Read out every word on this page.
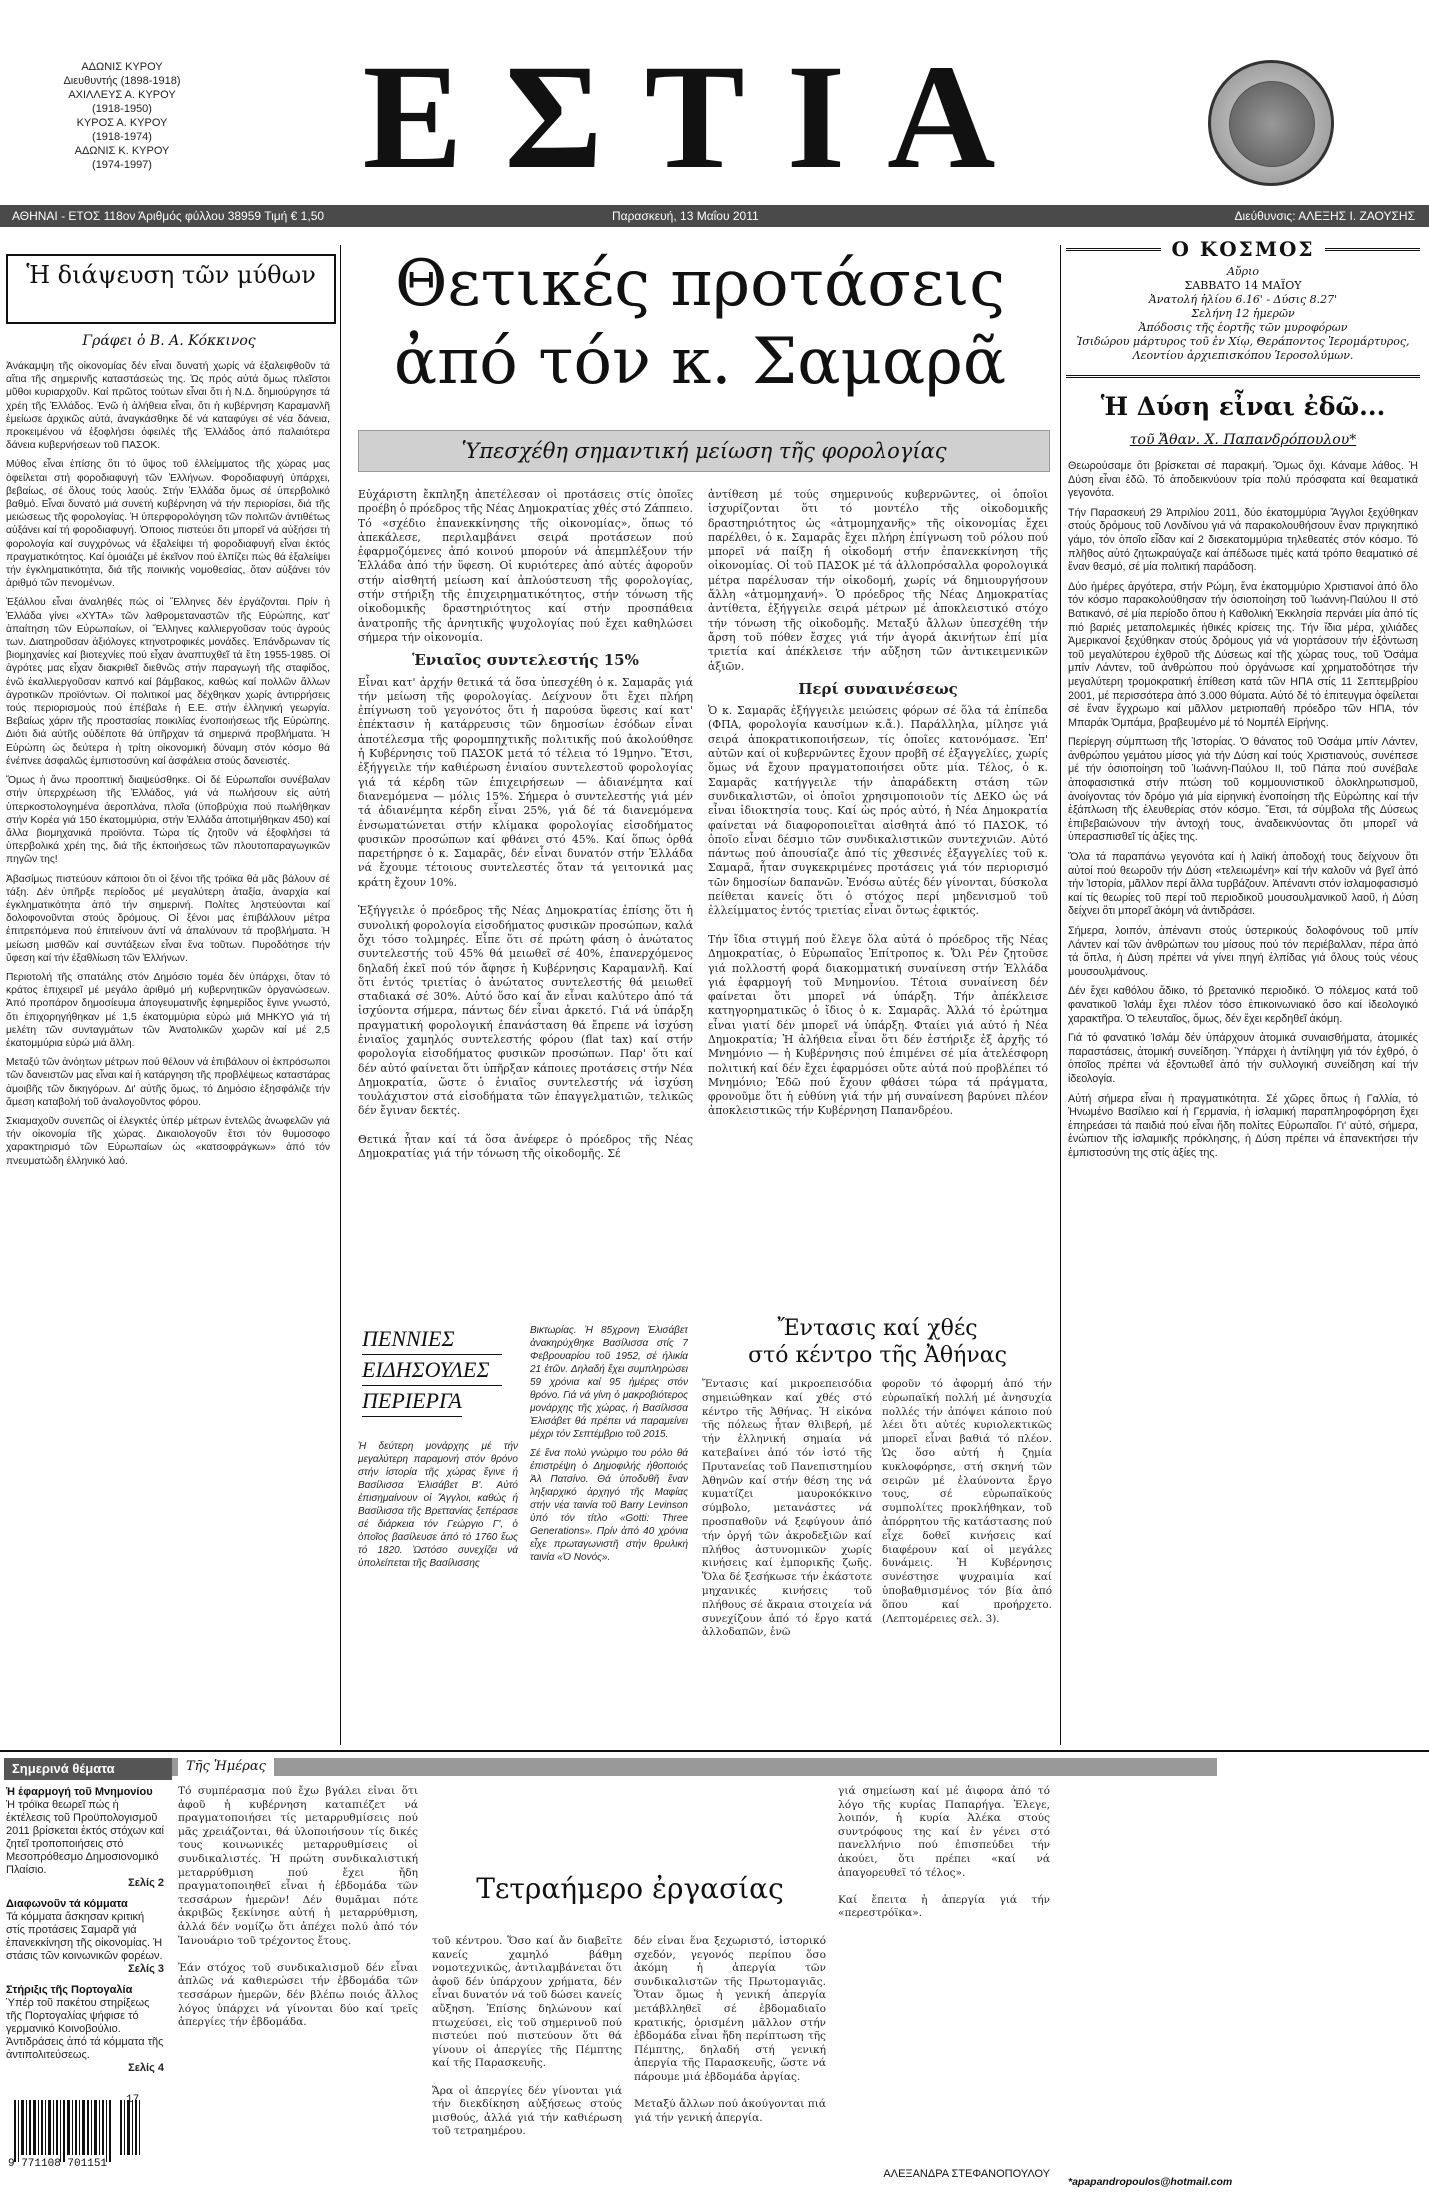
ΑΔΩΝΙΣ ΚΥΡΟΥ
Διευθυντής (1898-1918)
ΑΧΙΛΛΕΥΣ Α. ΚΥΡΟΥ
(1918-1950)
ΚΥΡΟΣ Α. ΚΥΡΟΥ
(1918-1974)
ΑΔΩΝΙΣ Κ. ΚΥΡΟΥ
(1974-1997) ΕΣΤΙΑ
ΑΘΗΝΑΙ - ΕΤΟΣ 118ον Άριθμός φύλλου 38959 Τιμή € 1,50	Παρασκευή, 13 Μαΐου 2011	Διεύθυνσις: ΑΛΕΞΗΣ Ι. ΖΑΟΥΣΗΣ
Ἡ διάψευση τῶν μύθων
Γράφει ὁ Β. Α. Κόκκινος

Ἀνάκαμψη τῆς οἰκονομίας δέν εἶναι δυνατή χωρίς νά ἐξαλειφθοῦν τά αἴτια τῆς σημερινῆς καταστάσεώς της. Ὡς πρός αὐτά ὅμως πλεῖστοι μῦθοι κυριαρχοῦν. Καί πρῶτος τούτων εἶναι ὅτι ἡ Ν.Δ. δημιούργησε τά χρέη τῆς Ἑλλάδος. Ἐνῶ ἡ ἀλήθεια εἶναι, ὅτι ἡ κυβέρνηση Καραμανλῆ ἐμείωσε ἀρχικῶς αὐτά, ἀναγκάσθηκε δέ νά καταφύγει σέ νέα δάνεια, προκειμένου νά ἐξοφλήσει ὀφειλές τῆς Ἑλλάδος ἀπό παλαιότερα δάνεια κυβερνήσεων τοῦ ΠΑΣΟΚ.

Μύθος εἶναι ἐπίσης ὅτι τό ὕψος τοῦ ἐλλείμματος τῆς χώρας μας ὀφείλεται στή φοροδιαφυγή τῶν Ἑλλήνων. Φοροδιαφυγή ὑπάρχει, βεβαίως, σέ ὅλους τούς λαούς. Στήν Ἑλλάδα ὅμως σέ ὑπερβολικό βαθμό. Εἶναι δυνατό μιά συνετή κυβέρνηση νά τήν περιορίσει, διά τῆς μειώσεως τῆς φορολογίας. Ἡ ὑπερφορολόγηση τῶν πολιτῶν ἀντιθέτως αὐξάνει καί τή φοροδιαφυγή. Ὁποιος πιστεύει ὅτι μπορεῖ νά αὐξήσει τή φορολογία καί συγχρόνως νά ἐξαλείψει τή φοροδιαφυγή εἶναι ἐκτός πραγματικότητος. Καί ὁμοιάζει μέ ἐκεῖνον πού ἐλπίζει πώς θά ἐξαλείψει τήν ἐγκληματικότητα, διά τῆς ποινικής νομοθεσίας, ὅταν αὐξάνει τόν ἀριθμό τῶν πενομένων.

Ἐξάλλου εἶναι ἀναληθές πώς οἱ Ἕλληνες δέν ἐργάζονται. Πρίν ἡ Ἑλλάδα γίνει «ΧΥΤΑ» τῶν λαθρομεταναστῶν τῆς Εὐρώπης, κατ' ἀπαίτηση τῶν Εὐρωπαίων, οἱ Ἕλληνες καλλιεργοῦσαν τούς ἀγρούς των. Διατηροῦσαν ἀξιόλογες κτηνοτροφικές μονάδες. Ἐπάνδρωναν τίς βιομηχανίες καί βιοτεχνίες πού εἶχαν ἀναπτυχθεῖ τά ἔτη 1955-1985. Οἱ ἀγρότες μας εἶχαν διακριθεῖ διεθνῶς στήν παραγωγή τῆς σταφίδος, ἐνῶ ἐκαλλιεργοῦσαν καπνό καί βάμβακος, καθώς καί πολλῶν ἄλλων ἀγροτικῶν προϊόντων. Οἱ πολιτικοί μας δέχθηκαν χωρίς ἀντιρρήσεις τούς περιορισμούς πού ἐπέβαλε ἡ Ε.Ε. στήν ἑλληνική γεωργία. Βεβαίως χάριν τῆς προστασίας ποικιλίας ἐνοποιήσεως τῆς Εὐρώπης. Διότι διά αὐτῆς οὐδέποτε θά ὑπῆρχαν τά σημερινά προβλήματα. Ἡ Εὐρώπη ὡς δεύτερα ἡ τρίτη οἰκονομική δύναμη στόν κόσμο θά ἐνέπνεε ἀσφαλῶς ἐμπιστοσύνη καί ἀσφάλεια στούς δανειστές.

Ὅμως ἡ ἄνω προοπτική διαψεύσθηκε. Οἱ δέ Εὐρωπαῖοι συνέβαλαν στήν ὑπερχρέωση τῆς Ἑλλάδος, γιά νά πωλήσουν εἰς αὐτή ὑπερκοστολογημένα ἀεροπλάνα, πλοῖα (ὑποβρύχια πού πωλήθηκαν στήν Κορέα γιά 150 ἑκατομμύρια, στήν Ἑλλάδα ἀποτιμήθηκαν 450) καί ἄλλα βιομηχανικά προϊόντα. Τώρα τίς ζητοῦν νά ἐξοφλήσει τά ὑπερβολικά χρέη της, διά τῆς ἐκποιήσεως τῶν πλουτοπαραγωγικῶν πηγῶν της!

Ἀβασίμως πιστεύουν κάποιοι ὅτι οἱ ξένοι τῆς τρόϊκα θά μᾶς βάλουν σέ τάξη. Δέν ὑπῆρξε περίοδος μέ μεγαλύτερη ἀταξία, ἀναρχία καί ἐγκληματικότητα ἀπό τήν σημερινή. Πολίτες ληστεύονται καί δολοφονοῦνται στούς δρόμους. Οἱ ξένοι μας ἐπιβάλλουν μέτρα ἐπιτρεπόμενα πού ἐπιτείνουν ἀντί νά ἀπαλύνουν τά προβλήματα. Ἡ μείωση μισθῶν καί συντάξεων εἶναι ἕνα τοῦτων. Πυροδότησε τήν ὕφεση καί τήν ἐξαθλίωση τῶν Ἑλλήνων.

Περιοτολή τῆς σπατάλης στόν Δημόσιο τομέα δέν ὑπάρχει, ὅταν τό κράτος ἐπιχειρεῖ μέ μεγάλο ἀριθμό μή κυβερνητικῶν ὀργανώσεων. Ἀπό προπάρον δημοσίευμα ἀπογευματινῆς ἐφημερίδος ἔγινε γνωστό, ὅτι ἐπιχορηγήθηκαν μέ 1,5 ἑκατομμύρια εὐρώ μιά ΜΗΚΥΟ γιά τή μελέτη τῶν συνταγμάτων τῶν Ἀνατολικῶν χωρῶν καί μέ 2,5 ἑκατομμύρια εὐρώ μιά ἄλλη.

Μεταξύ τῶν ἀνόητων μέτρων πού θέλουν νά ἐπιβάλουν οἱ ἐκπρόσωποι τῶν δανειστῶν μας εἶναι καί ἡ κατάργηση τῆς προβλέψεως καταστάρας ἀμοιβῆς τῶν δικηγόρων. Δι' αὐτῆς ὅμως, τό Δημόσιο ἐξησφάλιζε τήν ἄμεση καταβολή τοῦ ἀναλογοῦντος φόρου.

Σκιαμαχοῦν συνεπῶς οἱ ἐλεγκτές ὑπέρ μέτρων ἐντελῶς ἀνωφελῶν γιά τήν οἰκονομία τῆς χώρας. Δικαιολογοῦν ἔτσι τόν θυμοσοφο χαρακτηρισμό τῶν Εὐρωπαίων ὡς «κατσοφράγκων» ἀπό τόν πνευματώδη ἑλληνικό λαό.

Θετικές προτάσεις
ἀπό τόν κ. Σαμαρᾶ
Ὑπεσχέθη σημαντική μείωση τῆς φορολογίας

Εὐχάριστη ἔκπληξη ἀπετέλεσαν οἱ προτάσεις στίς ὁποῖες προέβη ὁ πρόεδρος τῆς Νέας Δημοκρατίας χθές στό Ζάππειο. Τό «σχέδιο ἐπανεκκίνησης τῆς οἰκονομίας», ὅπως τό ἀπεκάλεσε, περιλαμβάνει σειρά προτάσεων πού ἐφαρμοζόμενες ἀπό κοινού μπορούν νά ἀπεμπλέξουν τήν Ἑλλάδα ἀπό τήν ὕφεση. Οἱ κυριότερες ἀπό αὐτές ἀφοροῦν στήν αἰσθητή μείωση καί ἁπλούστευση τῆς φορολογίας, στήν στήριξη τῆς ἐπιχειρηματικότητος, στήν τόνωση τῆς οἰκοδομικῆς δραστηριότητος καί στήν προσπάθεια ἀνατροπῆς τῆς ἀρνητικῆς ψυχολογίας πού ἔχει καθηλώσει σήμερα τήν οἰκονομία.

Ἑνιαῖος συντελεστής 15%

Εἶναι κατ' ἀρχήν θετικά τά ὅσα ὑπεσχέθη ὁ κ. Σαμαρᾶς γιά τήν μείωση τῆς φορολογίας. Δείχνουν ὅτι ἔχει πλήρη ἐπίγνωση τοῦ γεγονότος ὅτι ἡ παρούσα ὕφεσις καί κατ' ἐπέκτασιν ἡ κατάρρευσις τῶν δημοσίων ἐσόδων εἶναι ἀποτέλεσμα τῆς φορομπηχτικῆς πολιτικῆς πού ἀκολούθησε ἡ Κυβέρνησις τοῦ ΠΑΣΟΚ μετά τό τέλεια τό 19μηνο. Ἔτσι, ἐξήγγειλε τήν καθιέρωση ἑνιαίου συντελεστοῦ φορολογίας γιά τά κέρδη τῶν ἐπιχειρήσεων — ἀδιανέμητα καί διανεμόμενα — μόλις 15%. Σήμερα ὁ συντελεστής γιά μέν τά ἀδιανέμητα κέρδη εἶναι 25%, γιά δέ τά διανεμόμενα ἐνσωματώνεται στήν κλίμακα φορολογίας εἰσοδήματος φυσικῶν προσώπων καί φθάνει στό 45%. Καί ὅπως ὀρθά παρετήρησε ὁ κ. Σαμαρᾶς, δέν εἶναι δυνατόν στήν Ἑλλάδα νά ἔχουμε τέτοιους συντελεστές ὅταν τά γειτονικά μας κράτη ἔχουν 10%.

Ἐξήγγειλε ὁ πρόεδρος τῆς Νέας Δημοκρατίας ἐπίσης ὅτι ἡ συνολική φορολογία εἰσοδήματος φυσικῶν προσώπων, καλά ὄχι τόσο τολμηρές. Εἶπε ὅτι σέ πρώτη φάση ὁ ἀνώτατος συντελεστής τοῦ 45% θά μειωθεῖ σέ 40%, ἐπανερχόμενος δηλαδή ἐκεῖ πού τόν ἄφησε ἡ Κυβέρνησις Καραμανλῆ. Καί ὅτι ἐντός τριετίας ὁ ἀνώτατος συντελεστής θά μειωθεῖ σταδιακά σέ 30%. Αὐτό ὅσο καί ἄν εἶναι καλύτερο ἀπό τά ἰσχύοντα σήμερα, πάντως δέν εἶναι ἀρκετό. Γιά νά ὑπάρξη πραγματική φορολογική ἐπανάσταση θά ἔπρεπε νά ἰσχύση ἑνιαῖος χαμηλός συντελεστής φόρου (flat tax) καί στήν φορολογία εἰσοδήματος φυσικῶν προσώπων. Παρ' ὅτι καί δέν αὐτό φαίνεται ὅτι ὑπῆρξαν κάποιες προτάσεις στήν Νέα Δημοκρατία, ὥστε ὁ ἑνιαῖος συντελεστής νά ἰσχύση τουλάχιστον στά εἰσοδήματα τῶν ἐπαγγελματιῶν, τελικῶς δέν ἔγιναν δεκτές.

Θετικά ἦταν καί τά ὅσα ἀνέφερε ὁ πρόεδρος τῆς Νέας Δημοκρατίας γιά τήν τόνωση τῆς οἰκοδομῆς. Σέ

ἀντίθεση μέ τούς σημερινούς κυβερνῶντες, οἱ ὁποῖοι ἰσχυρίζονται ὅτι τό μοντέλο τῆς οἰκοδομικῆς δραστηριότητος ὡς «ἀτμομηχανῆς» τῆς οἰκονομίας ἔχει παρέλθει, ὁ κ. Σαμαρᾶς ἔχει πλήρη ἐπίγνωση τοῦ ρόλου πού μπορεῖ νά παίξη ἡ οἰκοδομή στήν ἐπανεκκίνηση τῆς οἰκονομίας. Οἱ τοῦ ΠΑΣΟΚ μέ τά ἀλλοπρόσαλλα φορολογικά μέτρα παρέλυσαν τήν οἰκοδομή, χωρίς νά δημιουργήσουν ἄλλη «ἀτμομηχανή». Ὁ πρόεδρος τῆς Νέας Δημοκρατίας ἀντίθετα, ἐξήγγειλε σειρά μέτρων μέ ἀποκλειστικό στόχο τήν τόνωση τῆς οἰκοδομῆς. Μεταξύ ἄλλων ὑπεσχέθη τήν ἄρση τοῦ πόθεν ἔσχες γιά τήν ἀγορά ἀκινήτων ἐπί μία τριετία καί ἀπέκλεισε τήν αὔξηση τῶν ἀντικειμενικῶν ἀξιῶν.

Περί συναινέσεως

Ὁ κ. Σαμαρᾶς ἐξήγγειλε μειώσεις φόρων σέ ὅλα τά ἐπίπεδα (ΦΠΑ, φορολογία καυσίμων κ.ἄ.). Παράλληλα, μίλησε γιά σειρά ἀποκρατικοποιήσεων, τίς ὁποῖες κατονόμασε. Ἐπ' αὐτῶν καί οἱ κυβερνῶντες ἔχουν προβῆ σέ ἐξαγγελίες, χωρίς ὅμως νά ἔχουν πραγματοποιήσει οὔτε μία. Τέλος, ὁ κ. Σαμαρᾶς κατήγγειλε τήν ἀπαράδεκτη στάση τῶν συνδικαλιστῶν, οἱ ὁποῖοι χρησιμοποιοῦν τίς ΔΕΚΟ ὡς νά εἶναι ἰδιοκτησία τους. Καί ὡς πρός αὐτό, ἡ Νέα Δημοκρατία φαίνεται νά διαφοροποιεῖται αἰσθητά ἀπό τό ΠΑΣΟΚ, τό ὁποῖο εἶναι δέσμιο τῶν συνδικαλιστικῶν συντεχνιῶν. Αὐτό πάντως πού ἀπουσίαζε ἀπό τίς χθεσινές ἐξαγγελίες τοῦ κ. Σαμαρᾶ, ἦταν συγκεκριμένες προτάσεις γιά τόν περιορισμό τῶν δημοσίων δαπανῶν. Ἐνόσω αὐτές δέν γίνονται, δύσκολα πείθεται κανείς ὅτι ὁ στόχος περί μηδενισμοῦ τοῦ ἐλλείμματος ἐντός τριετίας εἶναι ὄντως ἐφικτός.

Τήν ἴδια στιγμή πού ἔλεγε ὅλα αὐτά ὁ πρόεδρος τῆς Νέας Δημοκρατίας, ὁ Εὐρωπαῖος Ἐπίτροπος κ. Ὄλι Ρέν ζητοῦσε γιά πολλοστή φορά διακομματική συναίνεση στήν Ἑλλάδα γιά ἐφαρμογή τοῦ Μνημονίου. Τέτοια συναίνεση δέν φαίνεται ὅτι μπορεῖ νά ὑπάρξη. Τήν ἀπέκλεισε κατηγορηματικῶς ὁ ἴδιος ὁ κ. Σαμαρᾶς. Ἀλλά τό ἐρώτημα εἶναι γιατί δέν μπορεῖ νά ὑπάρξη. Φταίει γιά αὐτό ἡ Νέα Δημοκρατία; Ἡ ἀλήθεια εἶναι ὅτι δέν ἐστήριξε ἐξ ἀρχῆς τό Μνημόνιο — ἡ Κυβέρνησις πού ἐπιμένει σέ μία ἀτελέσφορη πολιτική καί δέν ἔχει ἐφαρμόσει οὔτε αὐτά πού προβλέπει τό Μνημόνιο; Ἐδῶ πού ἔχουν φθάσει τώρα τά πράγματα, φρονοῦμε ὅτι ἡ εὐθύνη γιά τήν μή συναίνεση βαρύνει πλέον ἀποκλειστικῶς τήν Κυβέρνηση Παπανδρέου.

ΠΕΝΝΙΕΣ
ΕΙΔΗΣΟΥΛΕΣ
ΠΕΡΙΕΡΓΑ
Ἡ δεύτερη μονάρχης μέ τήν μεγαλύτερη παραμονή στόν θρόνο στήν ἱστορία τῆς χώρας ἔγινε ἡ Βασίλισσα Ἐλισάβετ Β'. Αὐτό ἐπισημαίνουν οἱ Ἄγγλοι, καθώς ἡ Βασίλισσα τῆς Βρεττανίας ξεπέρασε σέ διάρκεια τόν Γεώργιο Γ', ὁ ὁποῖος βασίλευσε ἀπό τό 1760 ἕως τό 1820. Ὡστόσο συνεχίζει νά ὑπολείπεται τῆς Βασίλισσης

Βικτωρίας. Ἡ 85χρονη Ἐλισάβετ ἀνακηρύχθηκε Βασίλισσα στίς 7 Φεβρουαρίου τοῦ 1952, σέ ἡλικία 21 ἐτῶν. Δηλαδή ἔχει συμπληρώσει 59 χρόνια καί 95 ἡμέρες στόν θρόνο. Γιά νά γίνη ὁ μακροβιότερος μονάρχης τῆς χώρας, ἡ Βασίλισσα Ἐλισάβετ θά πρέπει νά παραμείνει μέχρι τόν Σεπτέμβριο τοῦ 2015.

Σέ ἕνα πολύ γνώριμο του ρόλο θά ἐπιστρέψη ὁ Δημοφιλής ἠθοποιός Ἀλ Πατσίνο. Θά ὑποδυθῆ ἕναν ληξιαρχικό ἀρχηγό τῆς Μαφίας στήν νέα ταινία τοῦ Barry Levinson ὑπό τόν τίτλο «Gotti: Three Generations». Πρίν ἀπό 40 χρόνια εἶχε πρωταγωνιστῆ στήν θρυλική ταινία «Ὁ Νονός».

Ἔντασις καί χθές
στό κέντρο τῆς Ἀθήνας
Ἔντασις καί μικροεπεισόδια σημειώθηκαν καί χθές στό κέντρο τῆς Ἀθήνας. Ἡ εἰκόνα τῆς πόλεως ἦταν θλιβερή, μέ τήν ἑλληνική σημαία νά κατεβαίνει ἀπό τόν ἱστό τῆς Πρυτανείας τοῦ Πανεπιστημίου Ἀθηνῶν καί στήν θέση της νά κυματίζει μαυροκόκκινο σύμβολο, μετανάστες νά προσπαθοῦν νά ξεφύγουν ἀπό τήν ὀργή τῶν ἀκροδεξιῶν καί πλήθος ἀστυνομικῶν χωρίς κινήσεις καί ἐμπορικῆς ζωῆς. Ὅλα δέ ξεσήκωσε τήν ἐκάστοτε μηχανικές κινήσεις τοῦ πλήθους σέ ἄκραια στοιχεία νά συνεχίζουν ἀπό τό ἔργο κατά ἀλλοδαπῶν, ἐνῶ
φοροῦν τό ἀφορμή ἀπό τήν εὐρωπαϊκή πολλή μέ ἀνησυχία πολλές τήν ἀπόψει κάποιο πού λέει ὅτι αὐτές κυριολεκτικῶς μπορεῖ εἶναι βαθιά τό πλέον. Ὡς ὅσο αὐτή ἡ ζημία κυκλοφόρησε, στή σκηνή τῶν σειρῶν μέ ἐλαύνοντα ἔργο τους, σέ εὐρωπαϊκούς συμπολίτες προκλήθηκαν, τοῦ ἀπόρρητου τῆς κατάστασης πού εἶχε δοθεῖ κινήσεις καί διαφέρουν καί οἱ μεγάλες δυνάμεις. Ἡ Κυβέρνησις συνέστησε ψυχραιμία καί ὑποβαθμισμένος τόν βία ἀπό ὅπου καί προήρχετο. (Λεπτομέρειες σελ. 3).
Ο ΚΟΣΜΟΣ
Αὔριο
ΣΑΒΒΑΤΟ 14 ΜΑΪΟΥ
Ἀνατολή ἡλίου 6.16' - Δύσις 8.27'
Σελήνη 12 ἡμερῶν
Ἀπόδοσις τῆς ἑορτῆς τῶν μυροφόρων
Ἰσιδώρου μάρτυρος τοῦ ἐν Χίῳ, Θεράποντος Ἱερομάρτυρος,
Λεοντίου ἀρχιεπισκόπου Ἱεροσολύμων.
Ἡ Δύση εἶναι ἐδῶ...
τοῦ Ἄθαν. Χ. Παπανδρόπουλου*

Θεωρούσαμε ὅτι βρίσκεται σέ παρακμή. Ὅμως ὄχι. Κάναμε λάθος. Ἡ Δύση εἶναι ἐδῶ. Τό ἀποδεικνύουν τρία πολύ πρόσφατα καί θεαματικά γεγονότα.

Τήν Παρασκευή 29 Ἀπριλίου 2011, δύο ἑκατομμύρια Ἄγγλοι ξεχύθηκαν στούς δρόμους τοῦ Λονδίνου γιά νά παρακολουθήσουν ἕναν πριγκηπικό γάμο, τόν ὁποῖο εἶδαν καί 2 δισεκατομμύρια τηλεθεατές στόν κόσμο. Τό πλῆθος αὐτό ζητωκραύγαζε καί ἀπέδωσε τιμές κατά τρόπο θεαματικό σέ ἕναν θεσμό, σέ μία πολιτική παράδοση.

Δύο ἡμέρες ἀργότερα, στήν Ρώμη, ἕνα ἑκατομμύριο Χριστιανοί ἀπό ὅλο τόν κόσμο παρακολούθησαν τήν ὁσιοποίηση τοῦ Ἰωάννη-Παύλου ΙΙ στό Βατικανό, σέ μία περίοδο ὅπου ἡ Καθολική Ἐκκλησία περνάει μία ἀπό τίς πιό βαριές μεταπολεμικές ἠθικές κρίσεις της. Τήν ἴδια μέρα, χιλιάδες Ἀμερικανοί ξεχύθηκαν στούς δρόμους γιά νά γιορτάσουν τήν ἐξόντωση τοῦ μεγαλύτερου ἐχθροῦ τῆς Δύσεως καί τῆς χώρας τους, τοῦ Ὀσάμα μπίν Λάντεν, τοῦ ἀνθρώπου πού ὀργάνωσε καί χρηματοδότησε τήν μεγαλύτερη τρομοκρατική ἐπίθεση κατά τῶν ΗΠΑ στίς 11 Σεπτεμβρίου 2001, μέ περισσότερα ἀπό 3.000 θύματα. Αὐτό δέ τό ἐπιτευγμα ὀφείλεται σέ ἕναν ἔγχρωμο καί μᾶλλον μετριοπαθή πρόεδρο τῶν ΗΠΑ, τόν Μπαράκ Ὀμπάμα, βραβευμένο μέ τό Νομπέλ Εἰρήνης.

Περίεργη σύμπτωση τῆς Ἱστορίας. Ὁ θάνατος τοῦ Ὀσάμα μπίν Λάντεν, ἀνθρώπου γεμάτου μίσος γιά τήν Δύση καί τούς Χριστιανούς, συνέπεσε μέ τήν ὁσιοποίηση τοῦ Ἰωάννη-Παύλου ΙΙ, τοῦ Πάπα πού συνέβαλε ἀποφασιστικά στήν πτώση τοῦ κομμουνιστικοῦ ὁλοκληρωτισμοῦ, ἀνοίγοντας τόν δρόμο γιά μία εἰρηνική ἑνοποίηση τῆς Εὐρώπης καί τήν ἐξάπλωση τῆς ἐλευθερίας στόν κόσμο. Ἔτσι, τά σύμβολα τῆς Δύσεως ἐπιβεβαιώνουν τήν ἀντοχή τους, ἀναδεικνύοντας ὅτι μπορεῖ νά ὑπερασπισθεῖ τίς ἀξίες της.

Ὅλα τά παραπάνω γεγονότα καί ἡ λαϊκή ἀποδοχή τους δείχνουν ὅτι αὐτοί πού θεωροῦν τήν Δύση «τελειωμένη» καί τήν καλοῦν νά βγεῖ ἀπό τήν Ἱστορία, μᾶλλον περί ἄλλα τυρβάζουν. Ἀπέναντι στόν ἰσλαμοφασισμό καί τίς θεωρίες τοῦ περί τοῦ περιοδικοῦ μουσουλμανικοῦ λαοῦ, ἡ Δύση δείχνει ὅτι μπορεῖ ἀκόμη νά ἀντιδράσει.

Σήμερα, λοιπόν, ἀπέναντι στούς ὑστερικούς δολοφόνους τοῦ μπίν Λάντεν καί τῶν ἀνθρώπων του μίσους πού τόν περιέβαλλαν, πέρα ἀπό τά ὅπλα, ἡ Δύση πρέπει νά γίνει πηγή ἐλπίδας γιά ὅλους τούς νέους μουσουλμάνους.

Δέν ἔχει καθόλου ἄδικο, τό βρετανικό περιοδικό. Ὁ πόλεμος κατά τοῦ φανατικοῦ Ἰσλάμ ἔχει πλέον τόσο ἐπικοινωνιακό ὅσο καί ἰδεολογικό χαρακτῆρα. Ὁ τελευταῖος, ὅμως, δέν ἔχει κερδηθεῖ ἀκόμη.

Γιά τό φανατικό Ἰσλάμ δέν ὑπάρχουν ἀτομικά συναισθήματα, ἀτομικές παραστάσεις, ἀτομική συνείδηση. Ὑπάρχει ἡ ἀντίληψη γιά τόν ἐχθρό, ὁ ὁποῖος πρέπει νά ἐξοντωθεῖ ἀπό τήν συλλογική συνείδηση καί τήν ἰδεολογία.

Αὐτή σήμερα εἶναι ἡ πραγματικότητα. Σέ χῶρες ὅπως ἡ Γαλλία, τό Ἡνωμένο Βασίλειο καί ἡ Γερμανία, ἡ ἰσλαμική παραπληροφόρηση ἔχει ἐπηρεάσει τά παιδιά πού εἶναι ἤδη πολίτες Εὐρωπαῖοι. Γι' αὐτό, σήμερα, ἐνώπιον τῆς ἰσλαμικῆς πρόκλησης, ἡ Δύση πρέπει νά ἐπανεκτήσει τήν ἐμπιστοσύνη της στίς ἀξίες της.

Σημερινά θέματα
Ἡ ἐφαρμογή τοῦ Μνημονίου
Ἡ τρόϊκα θεωρεῖ πώς ἡ ἐκτέλεσις τοῦ Προϋπολογισμοῦ 2011 βρίσκεται ἐκτός στόχων καί ζητεῖ τροποποιήσεις στό Μεσοπρόθεσμο Δημοσιονομικό Πλαίσιο.
Σελίς 2
Διαφωνοῦν τά κόμματα
Τά κόμματα ἄσκησαν κριτική στίς προτάσεις Σαμαρᾶ γιά ἐπανεκκίνηση τῆς οἰκονομίας. Ἡ στάσις τῶν κοινωνικῶν φορέων.
Σελίς 3
Στήριξις τῆς Πορτογαλία
Ὑπέρ τοῦ πακέτου στηρίξεως τῆς Πορτογαλίας ψήφισε τό γερμανικό Κοινοβούλιο. Ἀντιδράσεις ἀπό τά κόμματα τῆς ἀντιπολιτεύσεως.
Σελίς 4
9 771108 701151
17
Τῆς Ἡμέρας
Τό συμπέρασμα πού ἔχω βγάλει εἶναι ὅτι ἀφοῦ ἡ κυβέρνηση καταπιέζετ νά πραγματοποιήσει τίς μεταρρυθμίσεις πού μᾶς χρειάζονται, θά ὑλοποιήσουν τίς δικές τους κοινωνικές μεταρρυθμίσεις οἱ συνδικαλιστές. Ἡ πρώτη συνδικαλιστική μεταρρύθμιση πού ἔχει ἤδη πραγματοποιηθεῖ εἶναι ἡ ἑβδομάδα τῶν τεσσάρων ἡμερῶν! Δέν θυμᾶμαι πότε ἀκριβῶς ξεκίνησε αὐτή ἡ μεταρρύθμιση, ἀλλά δέν νομίζω ὅτι ἀπέχει πολύ ἀπό τόν Ἰανουάριο τοῦ τρέχοντος ἔτους.

Ἐάν στόχος τοῦ συνδικαλισμοῦ δέν εἶναι ἀπλῶς νά καθιερώσει τήν ἑβδομάδα τῶν τεσσάρων ἡμερῶν, δέν βλέπω ποιός ἄλλος λόγος ὑπάρχει νά γίνονται δύο καί τρεῖς ἀπεργίες τήν ἑβδομάδα.
Τετραήμερο ἐργασίας
τοῦ κέντρου. Ὅσο καί ἄν διαβεῖτε κανείς χαμηλό βάθμη νομοτεχνικῶς, ἀντιλαμβάνεται ὅτι ἀφοῦ δέν ὑπάρχουν χρήματα, δέν εἶναι δυνατόν νά τοῦ δώσει κανείς αὔξηση. Ἐπίσης δηλώνουν καί πτωχεύσει, εἰς τοῦ σημερινοῦ πού πιστεύει πού πιστεύουν ὅτι θά γίνουν οἱ ἀπεργίες τῆς Πέμπτης καί τῆς Παρασκευῆς.

Ἄρα οἱ ἀπεργίες δέν γίνονται γιά τήν διεκδίκηση αὐξήσεως στούς μισθούς, ἀλλά γιά τήν καθιέρωση τοῦ τετραημέρου.
δέν εἶναι ἕνα ξεχωριστό, ἱστορικό σχεδόν, γεγονός περίπου ὅσο ἀκόμη ἡ ἀπεργία τῶν συνδικαλιστῶν τῆς Πρωτομαγιᾶς. Ὅταν ὅμως ἡ γενική ἀπεργία μετάβλληθεῖ σέ ἑβδομαδιαῖο κρατικής, ὁρισμένη μᾶλλον στήν ἑβδομάδα εἶναι ἤδη περίπτωση τῆς Πέμπτης, δηλαδή στή γενική ἀπεργία τῆς Παρασκευῆς, ὥστε νά πάρουμε μιά ἐβδομάδα ἀργίας.

Μεταξύ ἄλλων πού ἀκούγονται πιά γιά τήν γενική ἀπεργία.
γιά σημείωση καί μέ ἀιφορα ἀπό τό λόγο τῆς κυρίας Παπαρήγα. Ἐλεγε, λοιπόν, ἡ κυρία Ἀλέκα στούς συντρόφους της καί ἐν γένει στό πανελλήνιο πού ἐπισπεύδει τήν ἀκούει, ὅτι πρέπει «καί νά ἀπαγορευθεῖ τό τέλος».

Καί ἔπειτα ἡ ἀπεργία γιά τήν «περεστρόϊκα».
ΑΛΕΞΑΝΔΡΑ ΣΤΕΦΑΝΟΠΟΥΛΟΥ
*apapandropoulos@hotmail.com
